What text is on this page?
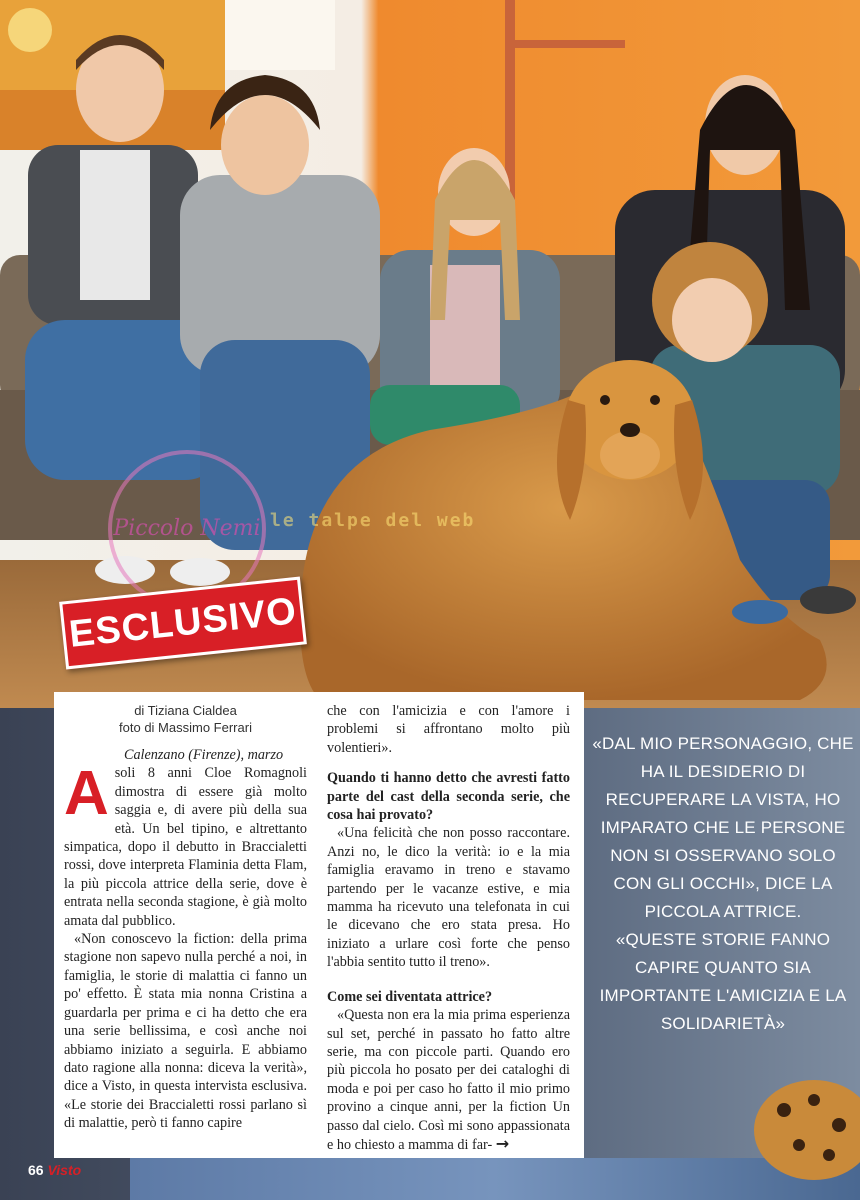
Piccolo Nemi le talpe del web
ESCLUSIVO

di Tiziana Cialdea
foto di Massimo Ferrari

Calenzano (Firenze), marzo

A soli 8 anni Cloe Romagnoli dimostra di essere già molto saggia e, di avere più della sua età. Un bel tipino, e altrettanto simpatica, dopo il debutto in Braccialetti rossi, dove interpreta Flaminia detta Flam, la più piccola attrice della serie, dove è entrata nella seconda stagione, è già molto amata dal pubblico.

«Non conoscevo la fiction: della prima stagione non sapevo nulla perché a noi, in famiglia, le storie di malattia ci fanno un po' effetto. È stata mia nonna Cristina a guardarla per prima e ci ha detto che era una serie bellissima, e così anche noi abbiamo iniziato a seguirla. E abbiamo dato ragione alla nonna: diceva la verità», dice a Visto, in questa intervista esclusiva. «Le storie dei Braccialetti rossi parlano sì di malattie, però ti fanno capire

che con l'amicizia e con l'amore i problemi si affrontano molto più volentieri».

Quando ti hanno detto che avresti fatto parte del cast della seconda serie, che cosa hai provato?

«Una felicità che non posso raccontare. Anzi no, le dico la verità: io e la mia famiglia eravamo in treno e stavamo partendo per le vacanze estive, e mia mamma ha ricevuto una telefonata in cui le dicevano che ero stata presa. Ho iniziato a urlare così forte che penso l'abbia sentito tutto il treno».

Come sei diventata attrice?

«Questa non era la mia prima esperienza sul set, perché in passato ho fatto altre serie, ma con piccole parti. Quando ero più piccola ho posato per dei cataloghi di moda e poi per caso ho fatto il mio primo provino a cinque anni, per la fiction Un passo dal cielo. Così mi sono appassionata e ho chiesto a mamma di far- →

«DAL MIO PERSONAGGIO, CHE HA IL DESIDERIO DI RECUPERARE LA VISTA, HO IMPARATO CHE LE PERSONE NON SI OSSERVANO SOLO CON GLI OCCHI», DICE LA PICCOLA ATTRICE.

«QUESTE STORIE FANNO CAPIRE QUANTO SIA IMPORTANTE L'AMICIZIA E LA SOLIDARIETÀ»

66 Visto
